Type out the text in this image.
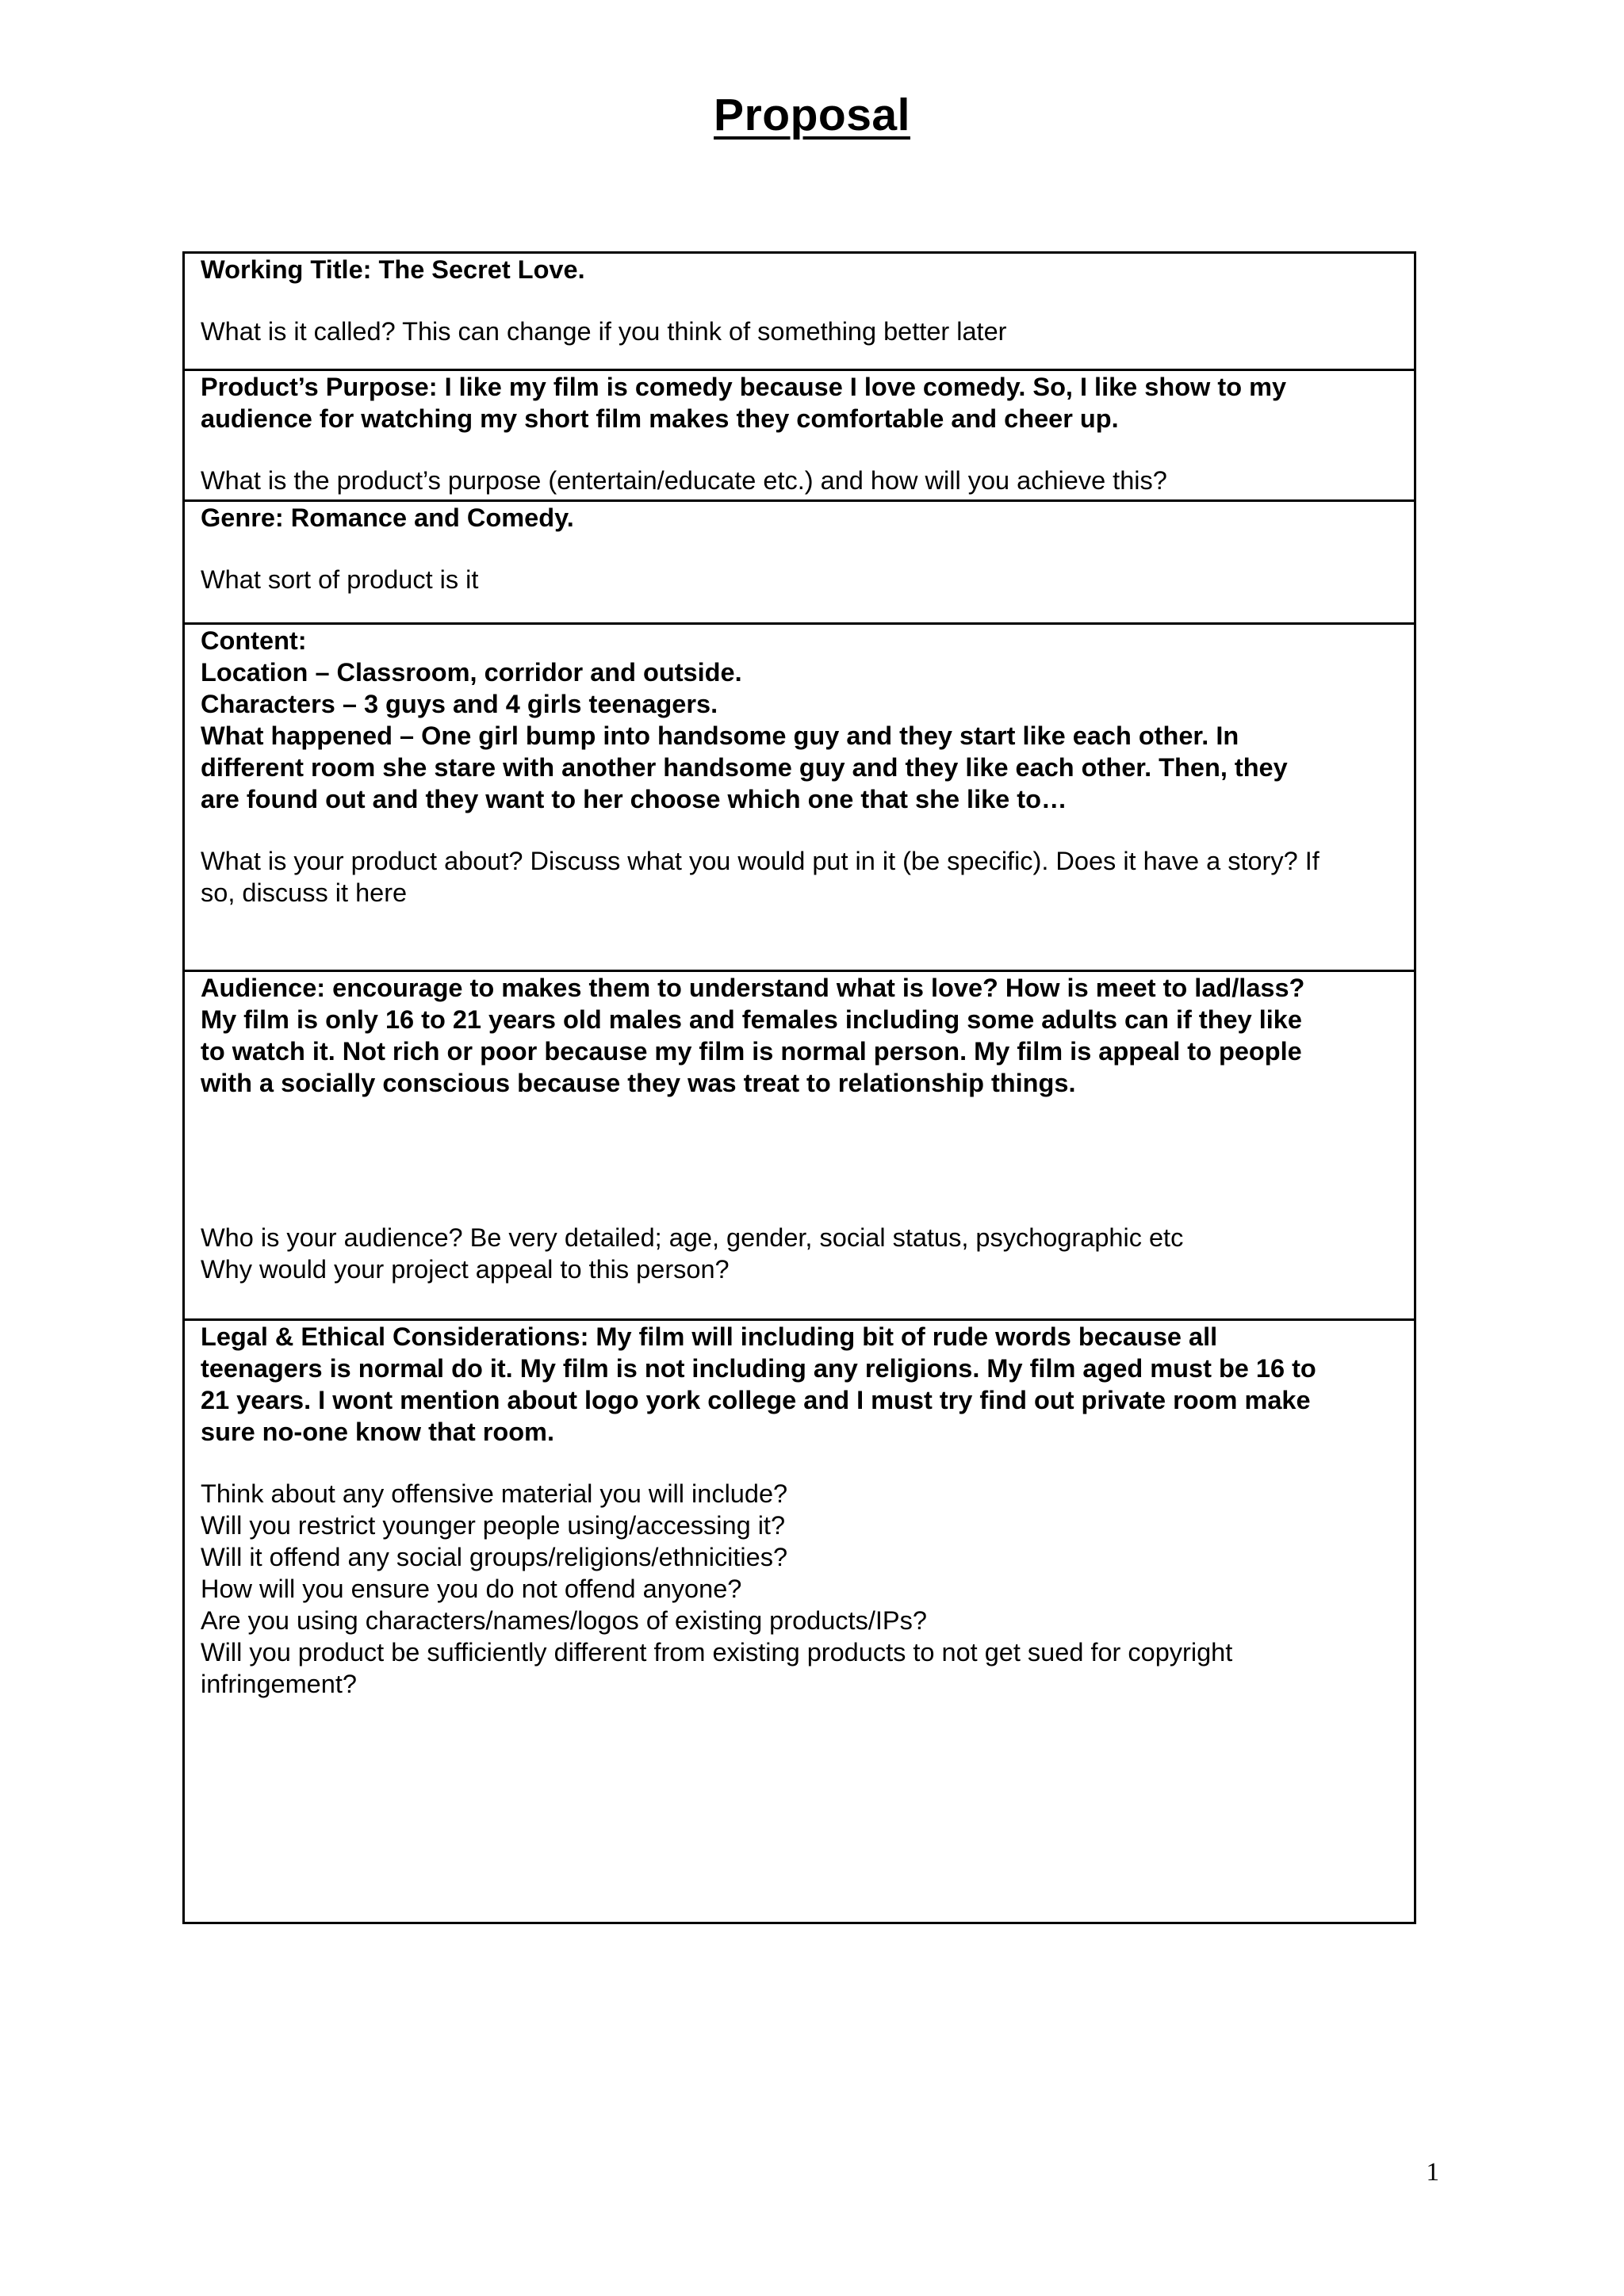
Proposal

Working Title: The Secret Love.

What is it called? This can change if you think of something better later

Product’s Purpose: I like my film is comedy because I love comedy. So, I like show to my
audience for watching my short film makes they comfortable and cheer up.

What is the product’s purpose (entertain/educate etc.) and how will you achieve this?

Genre: Romance and Comedy.

What sort of product is it

Content:
Location – Classroom, corridor and outside.
Characters – 3 guys and 4 girls teenagers.
What happened – One girl bump into handsome guy and they start like each other. In
different room she stare with another handsome guy and they like each other. Then, they
are found out and they want to her choose which one that she like to…

What is your product about? Discuss what you would put in it (be specific). Does it have a story? If
so, discuss it here

Audience: encourage to makes them to understand what is love? How is meet to lad/lass?
My film is only 16 to 21 years old males and females including some adults can if they like
to watch it. Not rich or poor because my film is normal person. My film is appeal to people
with a socially conscious because they was treat to relationship things.

Who is your audience? Be very detailed; age, gender, social status, psychographic etc
Why would your project appeal to this person?

Legal & Ethical Considerations: My film will including bit of rude words because all
teenagers is normal do it. My film is not including any religions. My film aged must be 16 to
21 years. I wont mention about logo york college and I must try find out private room make
sure no-one know that room.

Think about any offensive material you will include?
Will you restrict younger people using/accessing it?
Will it offend any social groups/religions/ethnicities?
How will you ensure you do not offend anyone?
Are you using characters/names/logos of existing products/IPs?
Will you product be sufficiently different from existing products to not get sued for copyright
infringement?

1
